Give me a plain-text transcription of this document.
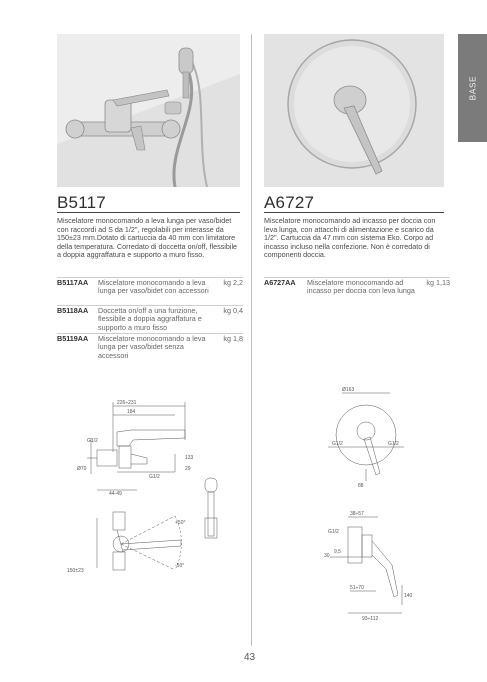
BASE
B5117	A6727
Miscelatore monocomando a leva lunga per vaso/bidet con raccordi ad S da 1/2", regolabili per interasse da 150±23 mm.Dotato di cartuccia da 40 mm con limitatore della temperatura. Corredato di doccetta on/off, flessibile a doppia aggraffatura e supporto a muro fisso.
Miscelatore monocomando ad incasso per doccia con leva lunga, con attacchi di alimentazione e scarico da 1/2". Cartuccia da 47 mm con sistema Eko. Corpo ad incasso incluso nella confezione. Non è corredato di componenti doccia.
B5117AA Miscelatore monocomando a leva lunga per vaso/bidet con accessori
kg 2,2
B5118AA Doccetta on/off a una funzione, flessibile a doppia aggraffatura e supporto a muro fisso
kg 0,4
B5119AA Miscelatore monocomando a leva lunga per vaso/bidet senza accessori
kg 1,8
A6727AA Miscelatore monocomando ad incasso per doccia con leva lunga
kg 1,13
226÷231
184
G1/2
133
29
Ø70
G1/2
44-49
+50°
-50°
150±23
Ø163
G1/2	G1/2
88
38÷57
G1/2
30
9,5
51÷70
140
93÷112
43
